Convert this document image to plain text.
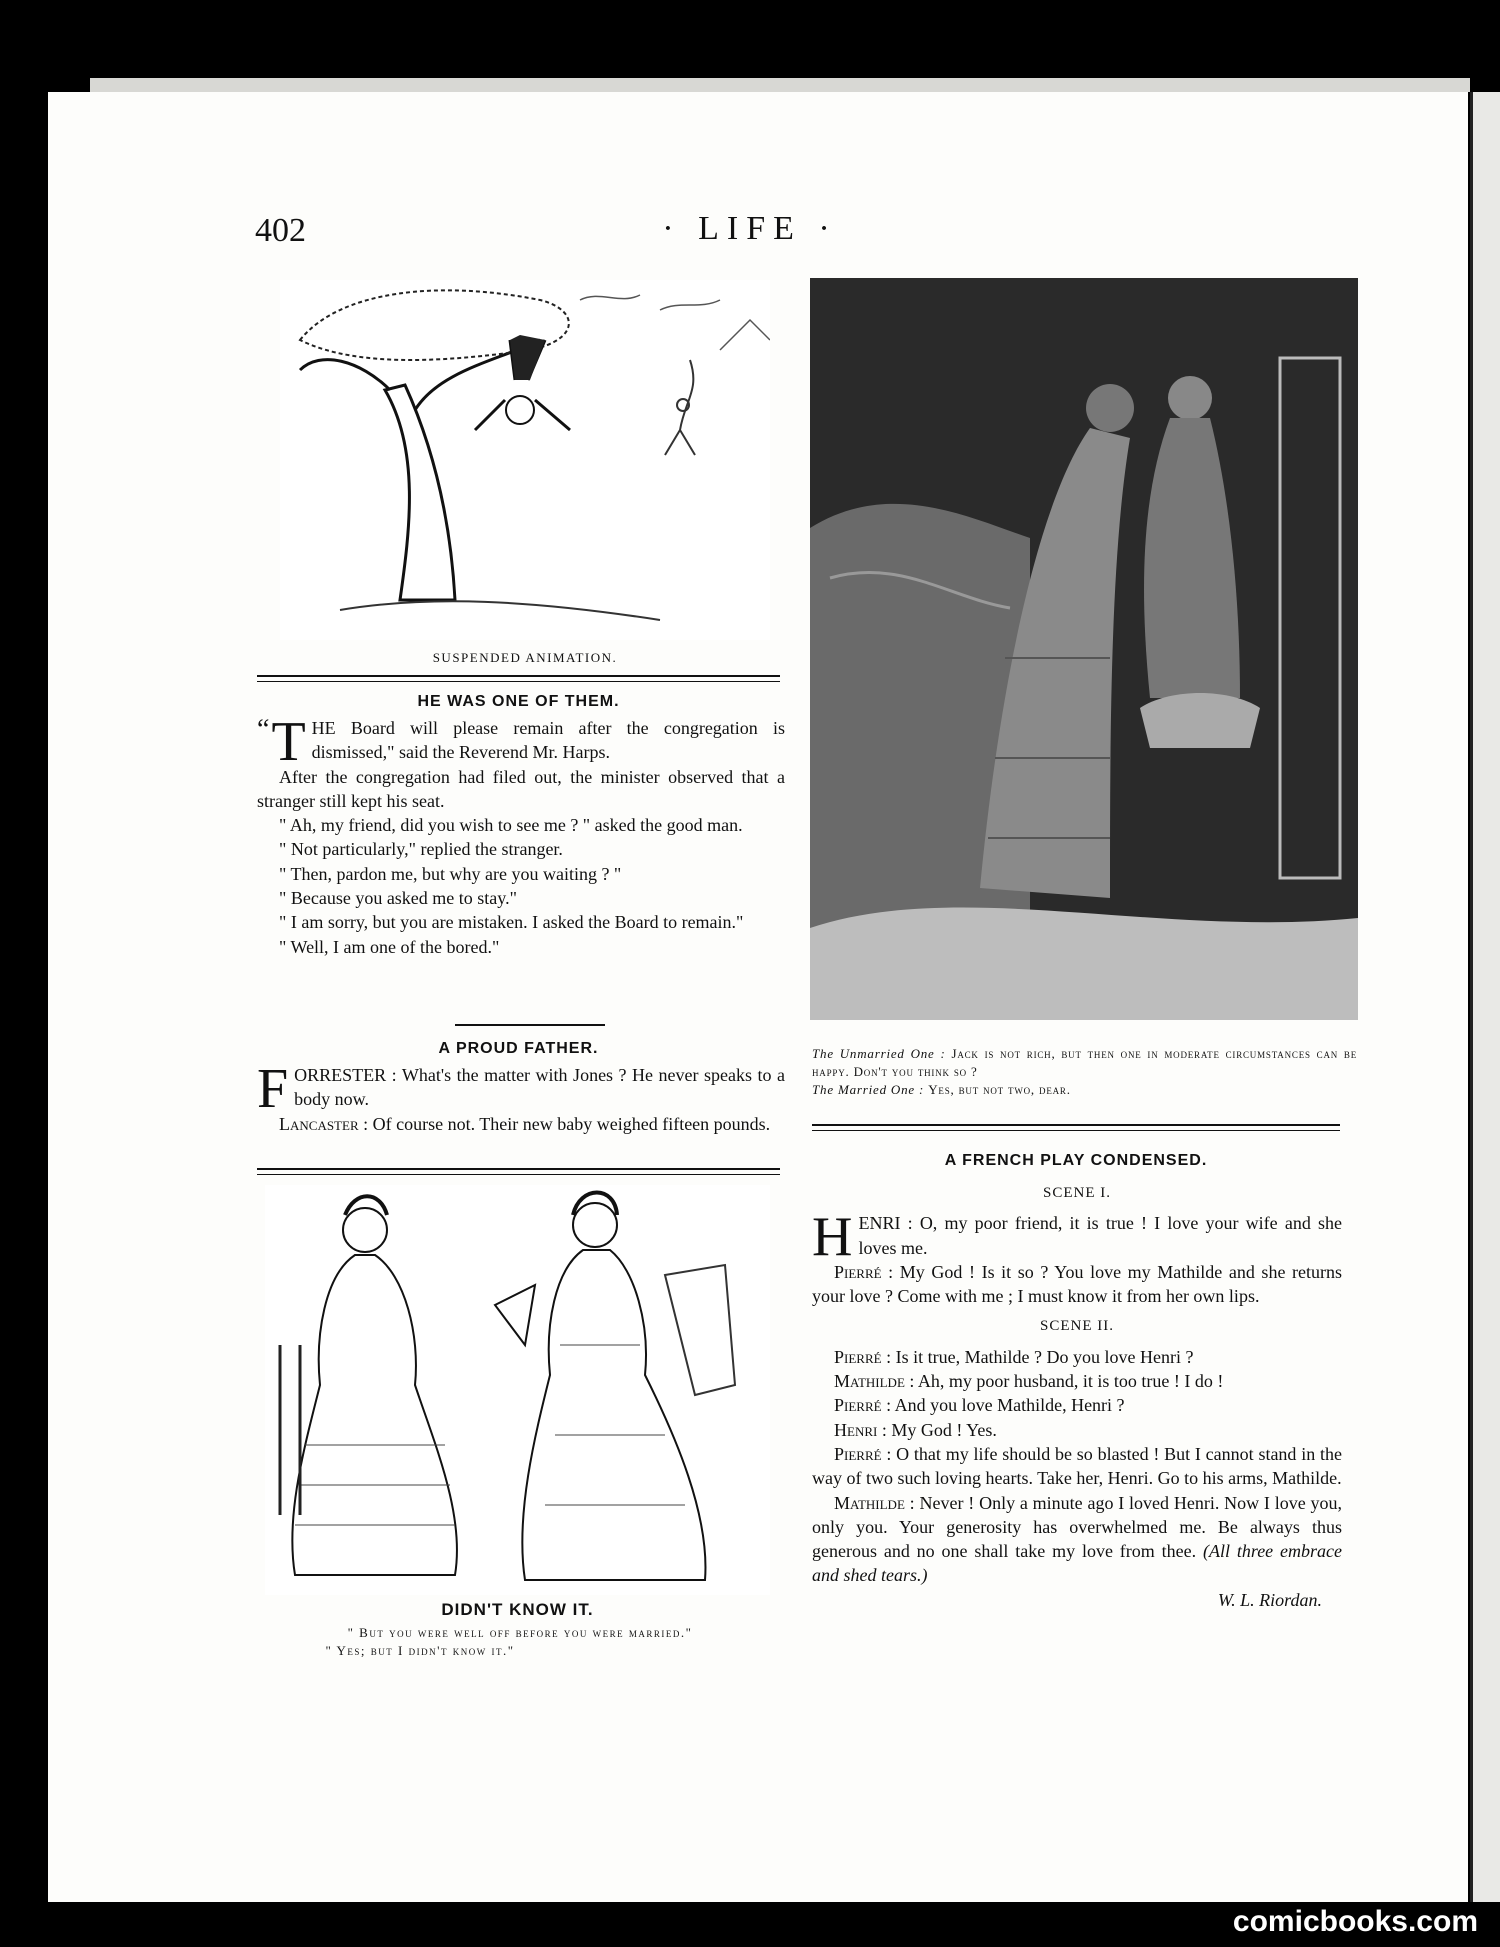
402	· LIFE ·
SUSPENDED ANIMATION.
HE WAS ONE OF THEM.

“ T HE Board will please remain after the congregation is dismissed," said the Reverend Mr. Harps.

After the congregation had filed out, the minister observed that a stranger still kept his seat.

" Ah, my friend, did you wish to see me ? " asked the good man.

" Not particularly," replied the stranger.

" Then, pardon me, but why are you waiting ? "

" Because you asked me to stay."

" I am sorry, but you are mistaken. I asked the Board to remain."

" Well, I am one of the bored."

A PROUD FATHER.

FORRESTER : What's the matter with Jones ? He never speaks to a body now.

Lancaster : Of course not. Their new baby weighed fifteen pounds.

DIDN'T KNOW IT.
" But you were well off before you were married."
" Yes; but I didn't know it."
The Unmarried One : Jack is not rich, but then one in moderate circumstances can be happy. Don't you think so ?
The Married One : Yes, but not two, dear.
A FRENCH PLAY CONDENSED.
SCENE I.

HENRI : O, my poor friend, it is true ! I love your wife and she loves me.

Pierré : My God ! Is it so ? You love my Mathilde and she returns your love ? Come with me ; I must know it from her own lips.

SCENE II.

Pierré : Is it true, Mathilde ? Do you love Henri ?

Mathilde : Ah, my poor husband, it is too true ! I do !

Pierré : And you love Mathilde, Henri ?

Henri : My God ! Yes.

Pierré : O that my life should be so blasted ! But I cannot stand in the way of two such loving hearts. Take her, Henri. Go to his arms, Mathilde.

Mathilde : Never ! Only a minute ago I loved Henri. Now I love you, only you. Your generosity has overwhelmed me. Be always thus generous and no one shall take my love from thee. (All three embrace and shed tears.)

W. L. Riordan.
comicbooks.com
